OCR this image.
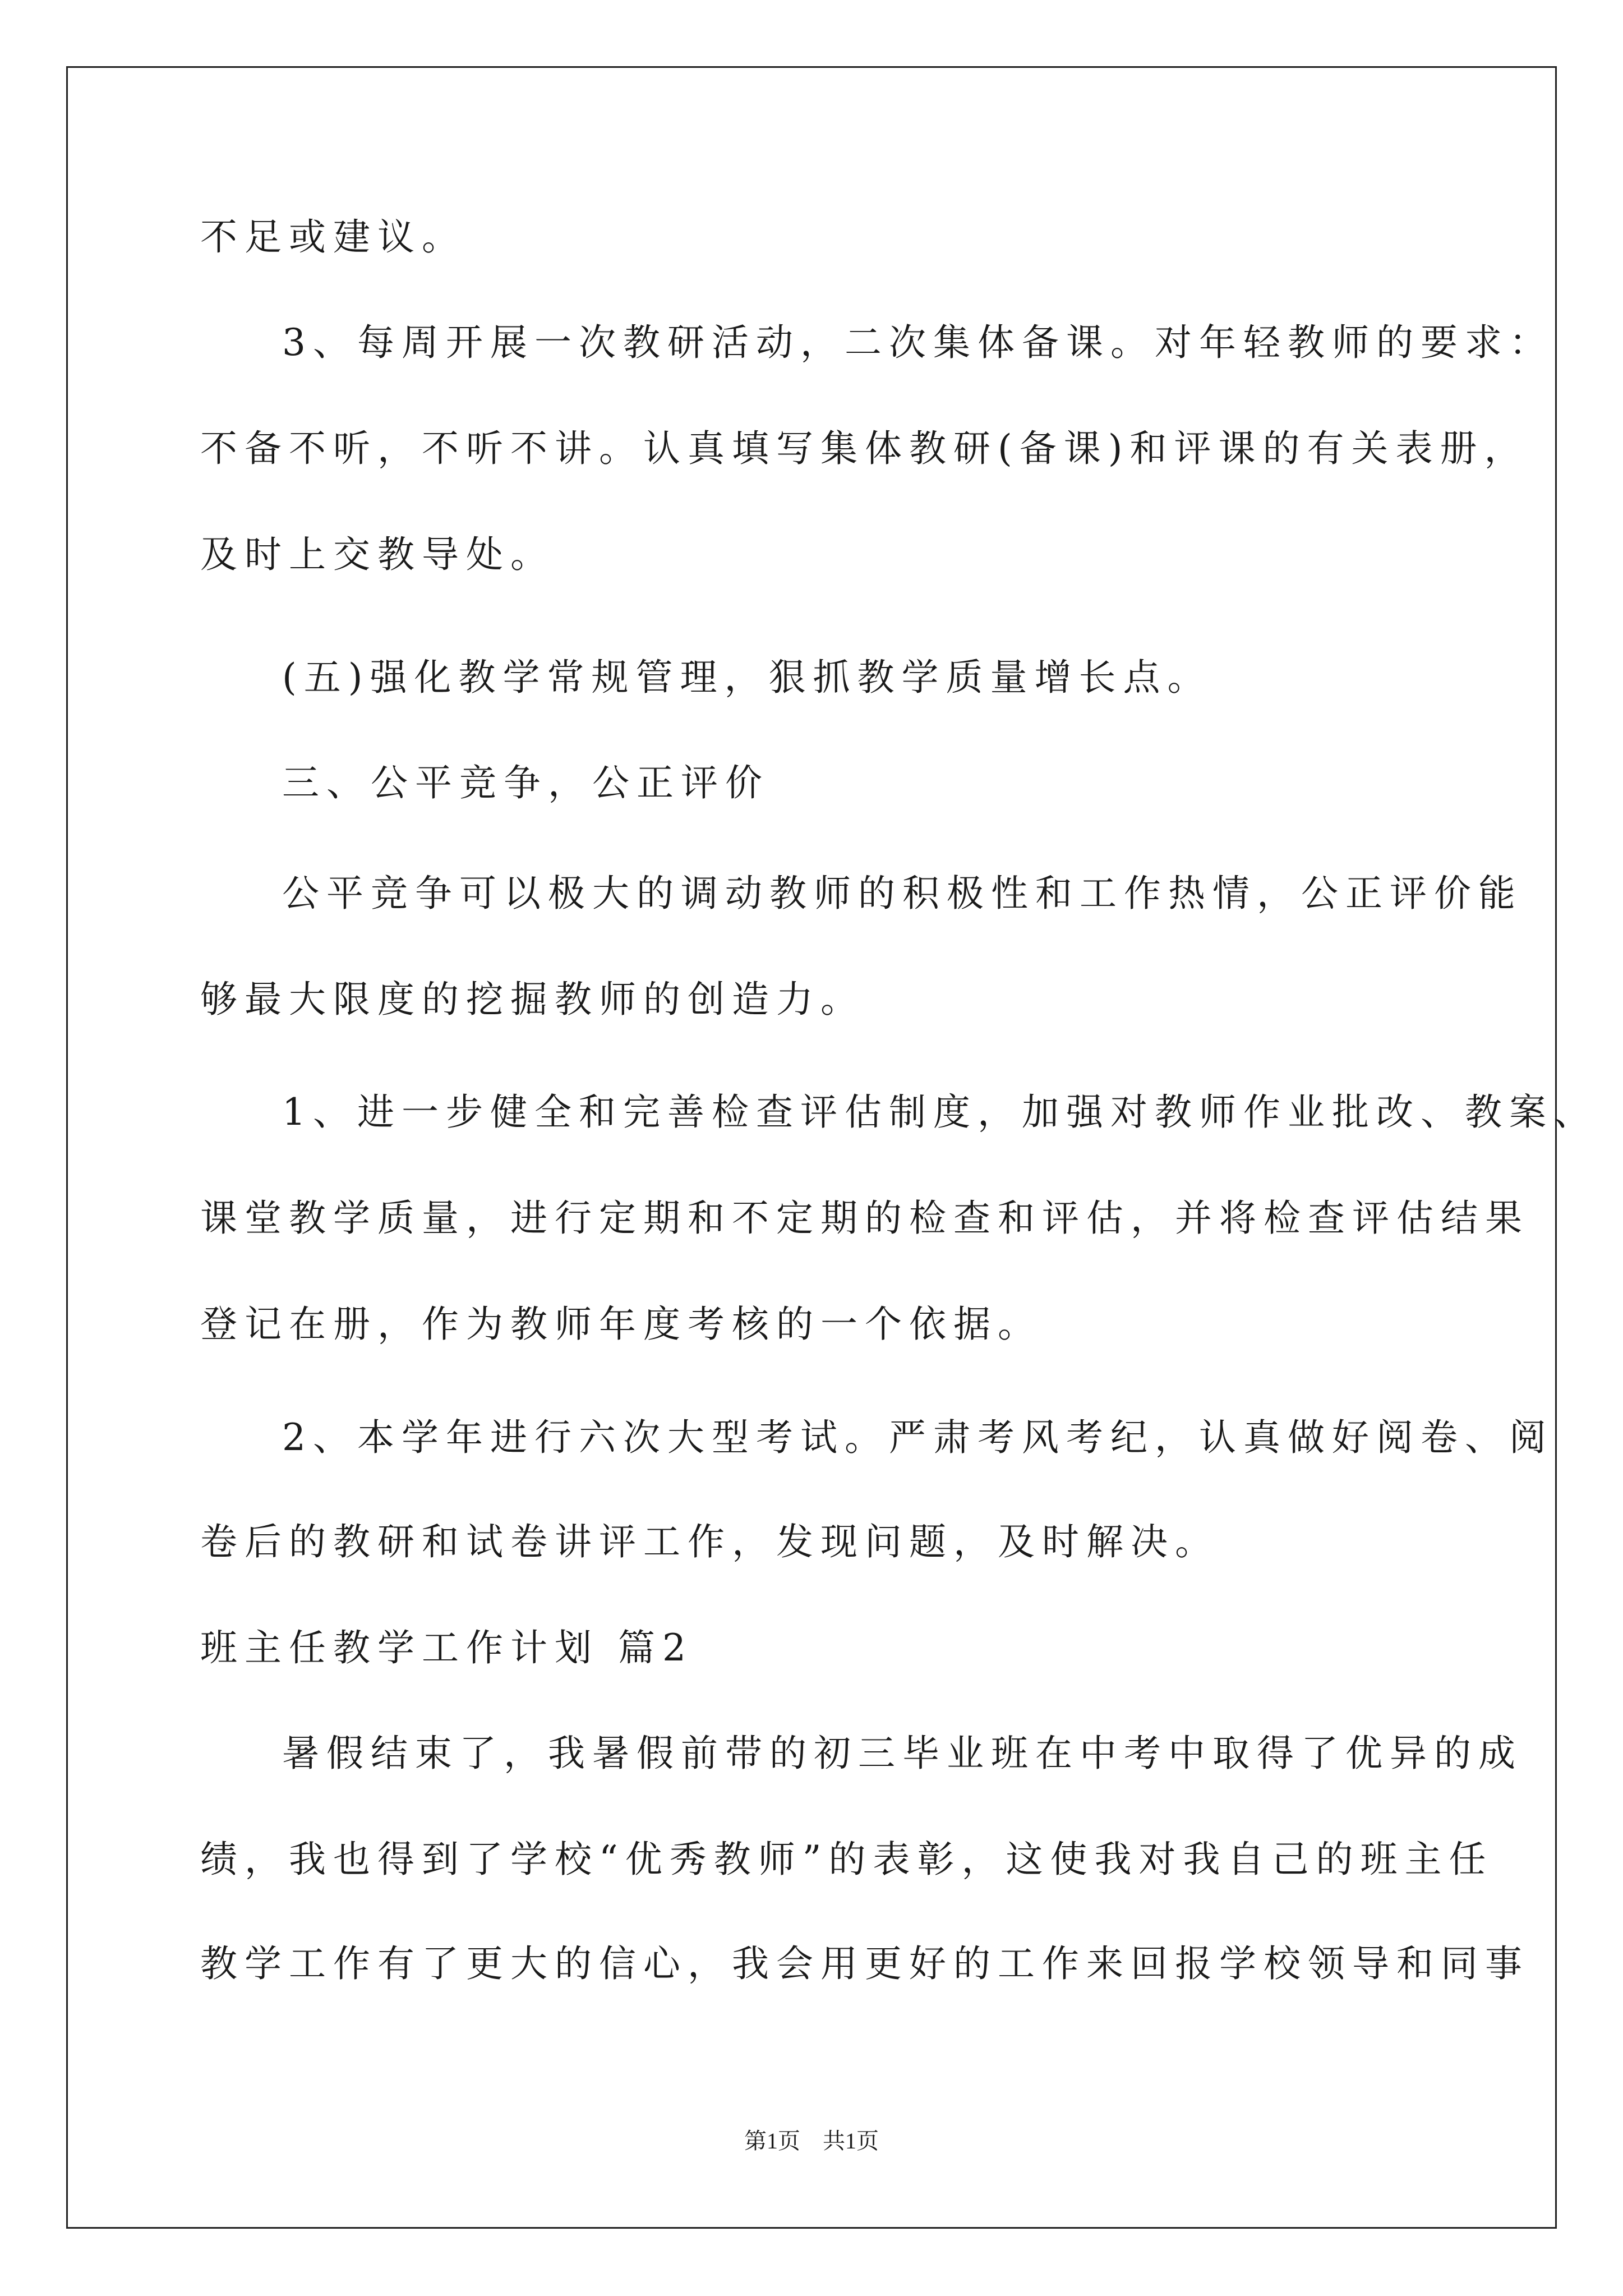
不足或建议。
3、每周开展一次教研活动，二次集体备课。对年轻教师的要求：
不备不听，不听不讲。认真填写集体教研(备课)和评课的有关表册，
及时上交教导处。
(五)强化教学常规管理，狠抓教学质量增长点。
三、公平竞争，公正评价
公平竞争可以极大的调动教师的积极性和工作热情，公正评价能
够最大限度的挖掘教师的创造力。
1、进一步健全和完善检查评估制度，加强对教师作业批改、教案、
课堂教学质量，进行定期和不定期的检查和评估，并将检查评估结果
登记在册，作为教师年度考核的一个依据。
2、本学年进行六次大型考试。严肃考风考纪，认真做好阅卷、阅
卷后的教研和试卷讲评工作，发现问题，及时解决。
班主任教学工作计划 篇2
暑假结束了，我暑假前带的初三毕业班在中考中取得了优异的成
绩，我也得到了学校“优秀教师”的表彰，这使我对我自己的班主任
教学工作有了更大的信心，我会用更好的工作来回报学校领导和同事
第1页　共1页
